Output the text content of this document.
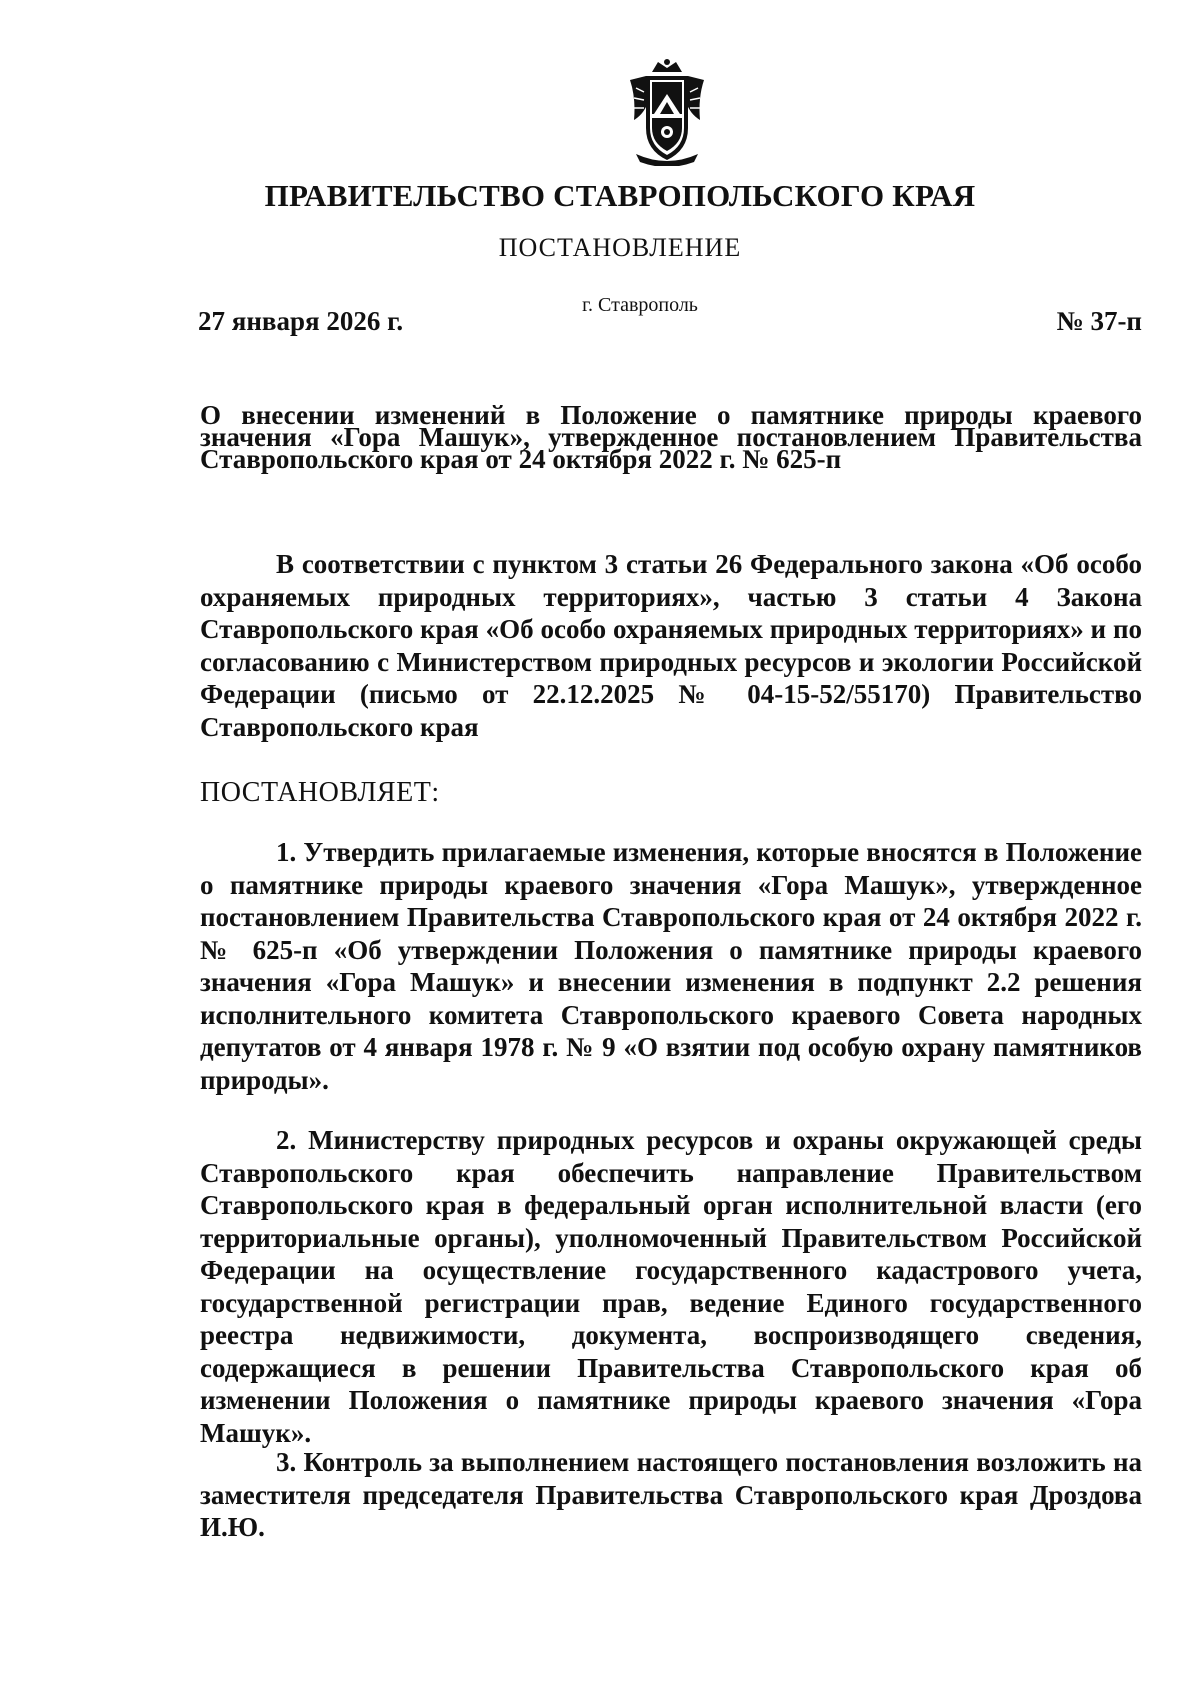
ПРАВИТЕЛЬСТВО СТАВРОПОЛЬСКОГО КРАЯ
ПОСТАНОВЛЕНИЕ
27 января 2026 г.
г. Ставрополь
№ 37-п

О внесении изменений в Положение о памятнике природы краевого значения «Гора Машук», утвержденное постановлением Правительства Ставропольского края от 24 октября 2022 г. № 625-п

В соответствии с пунктом 3 статьи 26 Федерального закона «Об особо охраняемых природных территориях», частью 3 статьи 4 Закона Ставропольского края «Об особо охраняемых природных территориях» и по согласованию с Министерством природных ресурсов и экологии Российской Федерации (письмо от 22.12.2025 № 04-15-52/55170) Правительство Ставропольского края

ПОСТАНОВЛЯЕТ:

1. Утвердить прилагаемые изменения, которые вносятся в Положение о памятнике природы краевого значения «Гора Машук», утвержденное постановлением Правительства Ставропольского края от 24 октября 2022 г. № 625-п «Об утверждении Положения о памятнике природы краевого значения «Гора Машук» и внесении изменения в подпункт 2.2 решения исполнительного комитета Ставропольского краевого Совета народных депутатов от 4 января 1978 г. № 9 «О взятии под особую охрану памятников природы».

2. Министерству природных ресурсов и охраны окружающей среды Ставропольского края обеспечить направление Правительством Ставропольского края в федеральный орган исполнительной власти (его территориальные органы), уполномоченный Правительством Российской Федерации на осуществление государственного кадастрового учета, государственной регистрации прав, ведение Единого государственного реестра недвижимости, документа, воспроизводящего сведения, содержащиеся в решении Правительства Ставропольского края об изменении Положения о памятнике природы краевого значения «Гора Машук».

3. Контроль за выполнением настоящего постановления возложить на заместителя председателя Правительства Ставропольского края Дроздова И.Ю.
